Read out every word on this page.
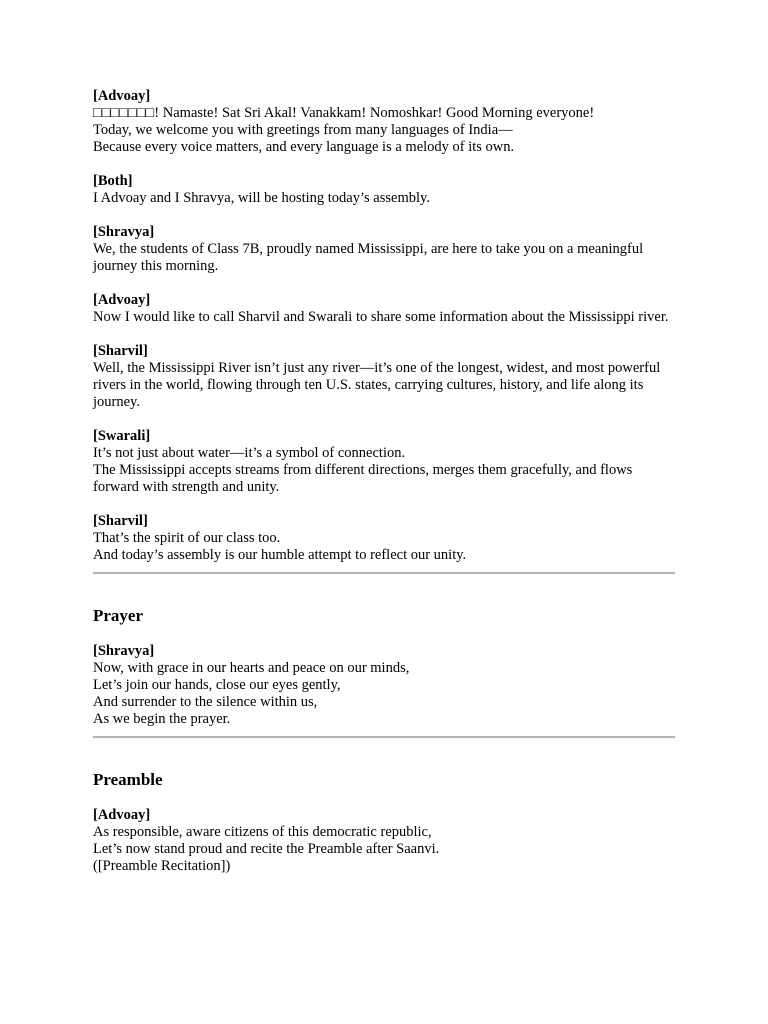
[Advoay]
□□□□□□□! Namaste! Sat Sri Akal! Vanakkam! Nomoshkar! Good Morning everyone!
Today, we welcome you with greetings from many languages of India—
Because every voice matters, and every language is a melody of its own.
[Both]
I Advoay and I Shravya, will be hosting today’s assembly.
[Shravya]
We, the students of Class 7B, proudly named Mississippi, are here to take you on a meaningful journey this morning.
[Advoay]
Now I would like to call Sharvil and Swarali to share some information about the Mississippi river.
[Sharvil]
Well, the Mississippi River isn’t just any river—it’s one of the longest, widest, and most powerful rivers in the world, flowing through ten U.S. states, carrying cultures, history, and life along its journey.
[Swarali]
It’s not just about water—it’s a symbol of connection.
The Mississippi accepts streams from different directions, merges them gracefully, and flows forward with strength and unity.
[Sharvil]
That’s the spirit of our class too.
And today’s assembly is our humble attempt to reflect our unity.
Prayer
[Shravya]
Now, with grace in our hearts and peace on our minds,
Let’s join our hands, close our eyes gently,
And surrender to the silence within us,
As we begin the prayer.
Preamble
[Advoay]
As responsible, aware citizens of this democratic republic,
Let’s now stand proud and recite the Preamble after Saanvi.
([Preamble Recitation])
